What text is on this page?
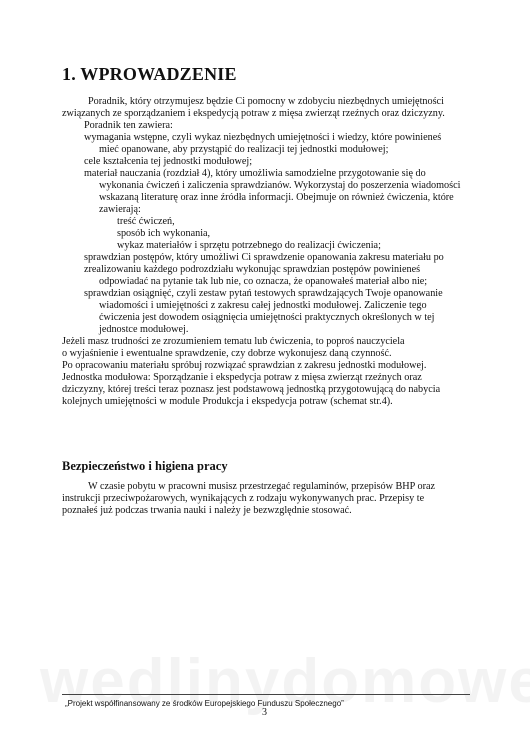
1. WPROWADZENIE
Poradnik, który otrzymujesz będzie Ci pomocny w zdobyciu niezbędnych umiejętności
związanych ze sporządzaniem i ekspedycją potraw z mięsa zwierząt rzeźnych oraz dziczyzny.
Poradnik ten zawiera:
wymagania wstępne, czyli wykaz niezbędnych umiejętności i wiedzy, które powinieneś
mieć opanowane, aby przystąpić do realizacji tej jednostki modułowej;
cele kształcenia tej jednostki modułowej;
materiał nauczania (rozdział 4), który umożliwia samodzielne przygotowanie się do
wykonania ćwiczeń i zaliczenia sprawdzianów. Wykorzystaj do poszerzenia wiadomości
wskazaną literaturę oraz inne źródła informacji. Obejmuje on również ćwiczenia, które
zawierają:
treść ćwiczeń,
sposób ich wykonania,
wykaz materiałów i sprzętu potrzebnego do realizacji ćwiczenia;
sprawdzian postępów, który umożliwi Ci sprawdzenie opanowania zakresu materiału po
zrealizowaniu każdego podrozdziału wykonując sprawdzian postępów powinieneś
odpowiadać na pytanie tak lub nie, co oznacza, że opanowałeś materiał albo nie;
sprawdzian osiągnięć, czyli zestaw pytań testowych sprawdzających Twoje opanowanie
wiadomości i umiejętności z zakresu całej jednostki modułowej. Zaliczenie tego
ćwiczenia jest dowodem osiągnięcia umiejętności praktycznych określonych w tej
jednostce modułowej.
Jeżeli masz trudności ze zrozumieniem tematu lub ćwiczenia, to poproś nauczyciela
o wyjaśnienie i ewentualne sprawdzenie, czy dobrze wykonujesz daną czynność.
Po opracowaniu materiału spróbuj rozwiązać sprawdzian z zakresu jednostki modułowej.
Jednostka modułowa: Sporządzanie i ekspedycja potraw z mięsa zwierząt rzeźnych oraz
dziczyzny, której treści teraz poznasz jest podstawową jednostką przygotowującą do nabycia
kolejnych umiejętności w module Produkcja i ekspedycja potraw (schemat str.4).
Bezpieczeństwo i higiena pracy
W czasie pobytu w pracowni musisz przestrzegać regulaminów, przepisów BHP oraz
instrukcji przeciwpożarowych, wynikających z rodzaju wykonywanych prac. Przepisy te
poznałeś już podczas trwania nauki i należy je bezwzględnie stosować.
„Projekt współfinansowany ze środków Europejskiego Funduszu Społecznego”
3
